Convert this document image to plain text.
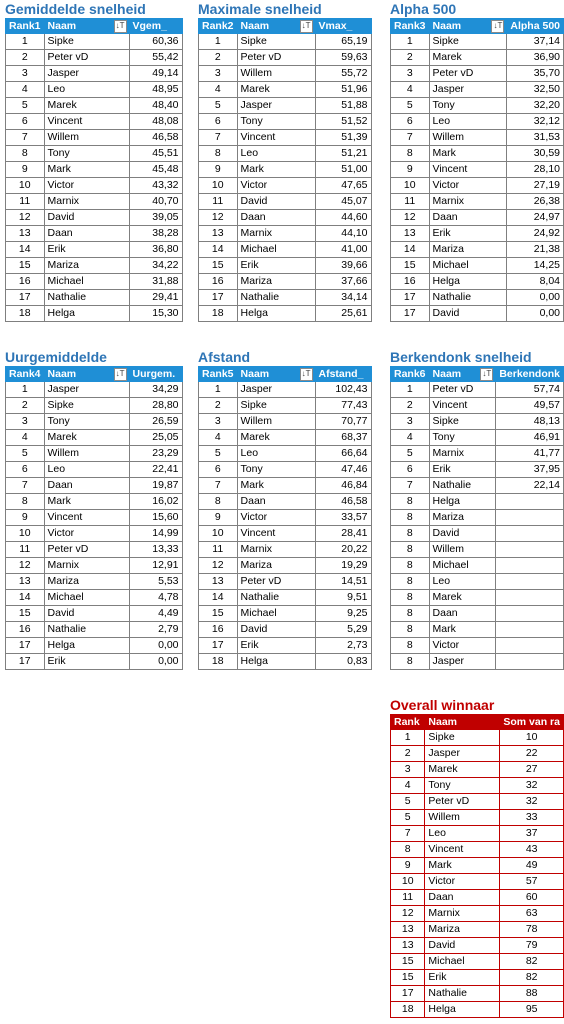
Gemiddelde snelheid
Rank1	Naam ↓T	Vgem_
1	Sipke	60,36
2	Peter vD	55,42
3	Jasper	49,14
4	Leo	48,95
5	Marek	48,40
6	Vincent	48,08
7	Willem	46,58
8	Tony	45,51
9	Mark	45,48
10	Victor	43,32
11	Marnix	40,70
12	David	39,05
13	Daan	38,28
14	Erik	36,80
15	Mariza	34,22
16	Michael	31,88
17	Nathalie	29,41
18	Helga	15,30
Maximale snelheid
Rank2	Naam ↓T	Vmax_
1	Sipke	65,19
2	Peter vD	59,63
3	Willem	55,72
4	Marek	51,96
5	Jasper	51,88
6	Tony	51,52
7	Vincent	51,39
8	Leo	51,21
9	Mark	51,00
10	Victor	47,65
11	David	45,07
12	Daan	44,60
13	Marnix	44,10
14	Michael	41,00
15	Erik	39,66
16	Mariza	37,66
17	Nathalie	34,14
18	Helga	25,61
Alpha 500
Rank3	Naam ↓T	Alpha 500
1	Sipke	37,14
2	Marek	36,90
3	Peter vD	35,70
4	Jasper	32,50
5	Tony	32,20
6	Leo	32,12
7	Willem	31,53
8	Mark	30,59
9	Vincent	28,10
10	Victor	27,19
11	Marnix	26,38
12	Daan	24,97
13	Erik	24,92
14	Mariza	21,38
15	Michael	14,25
16	Helga	8,04
17	Nathalie	0,00
17	David	0,00
Uurgemiddelde
Rank4	Naam ↓T	Uurgem.
1	Jasper	34,29
2	Sipke	28,80
3	Tony	26,59
4	Marek	25,05
5	Willem	23,29
6	Leo	22,41
7	Daan	19,87
8	Mark	16,02
9	Vincent	15,60
10	Victor	14,99
11	Peter vD	13,33
12	Marnix	12,91
13	Mariza	5,53
14	Michael	4,78
15	David	4,49
16	Nathalie	2,79
17	Helga	0,00
17	Erik	0,00
Afstand
Rank5	Naam ↓T	Afstand_
1	Jasper	102,43
2	Sipke	77,43
3	Willem	70,77
4	Marek	68,37
5	Leo	66,64
6	Tony	47,46
7	Mark	46,84
8	Daan	46,58
9	Victor	33,57
10	Vincent	28,41
11	Marnix	20,22
12	Mariza	19,29
13	Peter vD	14,51
14	Nathalie	9,51
15	Michael	9,25
16	David	5,29
17	Erik	2,73
18	Helga	0,83
Berkendonk snelheid
Rank6	Naam ↓T	Berkendonk
1	Peter vD	57,74
2	Vincent	49,57
3	Sipke	48,13
4	Tony	46,91
5	Marnix	41,77
6	Erik	37,95
7	Nathalie	22,14
8	Helga	
8	Mariza	
8	David	
8	Willem	
8	Michael	
8	Leo	
8	Marek	
8	Daan	
8	Mark	
8	Victor	
8	Jasper	
Overall winnaar
Rank	Naam	Som van ra
1	Sipke	10
2	Jasper	22
3	Marek	27
4	Tony	32
5	Peter vD	32
5	Willem	33
7	Leo	37
8	Vincent	43
9	Mark	49
10	Victor	57
11	Daan	60
12	Marnix	63
13	Mariza	78
13	David	79
15	Michael	82
15	Erik	82
17	Nathalie	88
18	Helga	95
